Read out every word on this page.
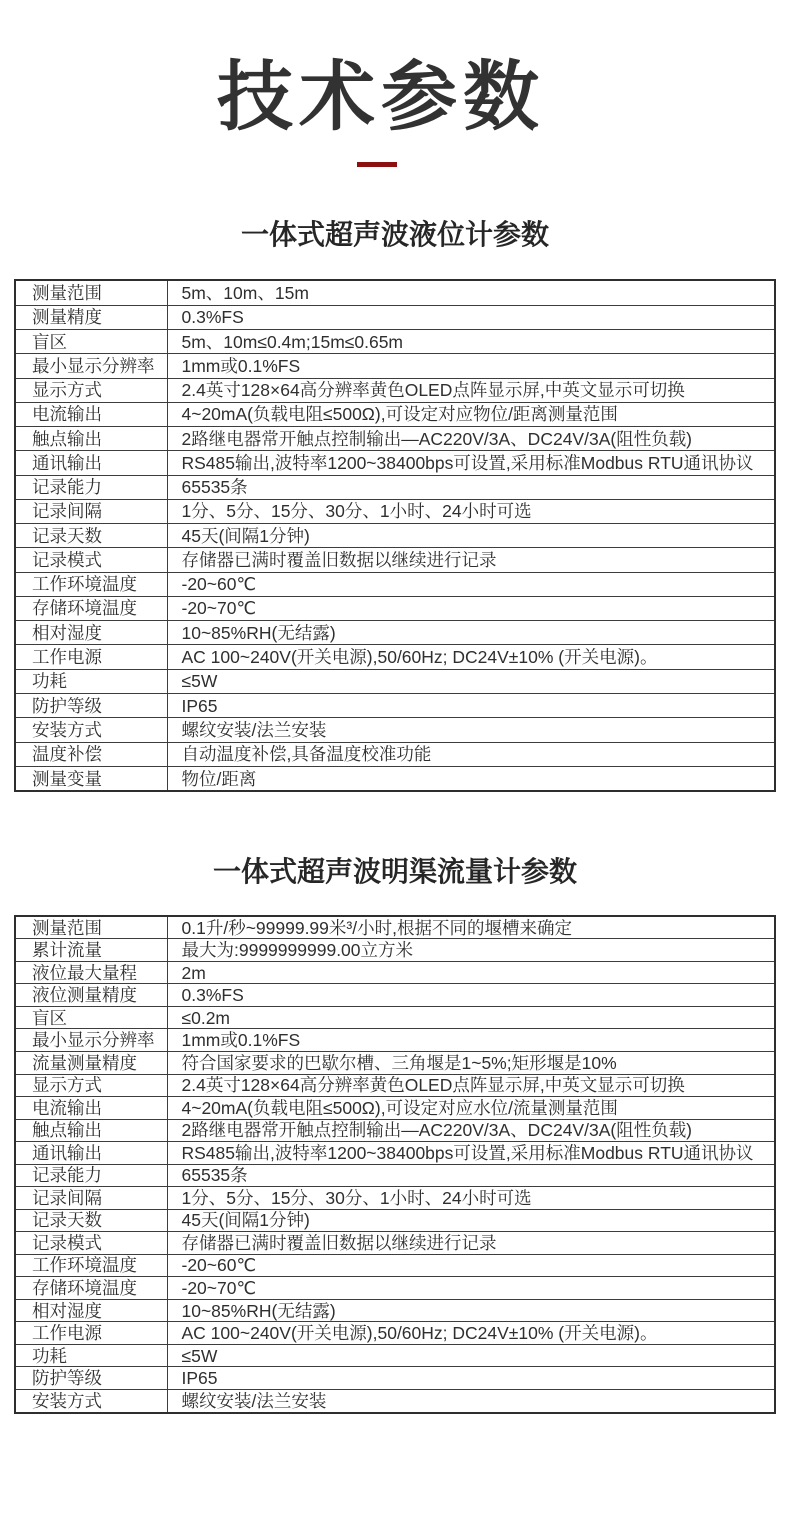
技术参数
一体式超声波液位计参数
测量范围	5m、10m、15m
测量精度	0.3%FS
盲区	5m、10m≤0.4m;15m≤0.65m
最小显示分辨率	1mm或0.1%FS
显示方式	2.4英寸128×64高分辨率黄色OLED点阵显示屏,中英文显示可切换
电流输出	4~20mA(负载电阻≤500Ω),可设定对应物位/距离测量范围
触点输出	2路继电器常开触点控制输出—AC220V/3A、DC24V/3A(阻性负载)
通讯输出	RS485输出,波特率1200~38400bps可设置,采用标准Modbus RTU通讯协议
记录能力	65535条
记录间隔	1分、5分、15分、30分、1小时、24小时可选
记录天数	45天(间隔1分钟)
记录模式	存储器已满时覆盖旧数据以继续进行记录
工作环境温度	-20~60℃
存储环境温度	-20~70℃
相对湿度	10~85%RH(无结露)
工作电源	AC 100~240V(开关电源),50/60Hz; DC24V±10% (开关电源)。
功耗	≤5W
防护等级	IP65
安装方式	螺纹安装/法兰安装
温度补偿	自动温度补偿,具备温度校准功能
测量变量	物位/距离
一体式超声波明渠流量计参数
测量范围	0.1升/秒~99999.99米³/小时,根据不同的堰槽来确定
累计流量	最大为:9999999999.00立方米
液位最大量程	2m
液位测量精度	0.3%FS
盲区	≤0.2m
最小显示分辨率	1mm或0.1%FS
流量测量精度	符合国家要求的巴歇尔槽、三角堰是1~5%;矩形堰是10%
显示方式	2.4英寸128×64高分辨率黄色OLED点阵显示屏,中英文显示可切换
电流输出	4~20mA(负载电阻≤500Ω),可设定对应水位/流量测量范围
触点输出	2路继电器常开触点控制输出—AC220V/3A、DC24V/3A(阻性负载)
通讯输出	RS485输出,波特率1200~38400bps可设置,采用标准Modbus RTU通讯协议
记录能力	65535条
记录间隔	1分、5分、15分、30分、1小时、24小时可选
记录天数	45天(间隔1分钟)
记录模式	存储器已满时覆盖旧数据以继续进行记录
工作环境温度	-20~60℃
存储环境温度	-20~70℃
相对湿度	10~85%RH(无结露)
工作电源	AC 100~240V(开关电源),50/60Hz; DC24V±10% (开关电源)。
功耗	≤5W
防护等级	IP65
安装方式	螺纹安装/法兰安装
